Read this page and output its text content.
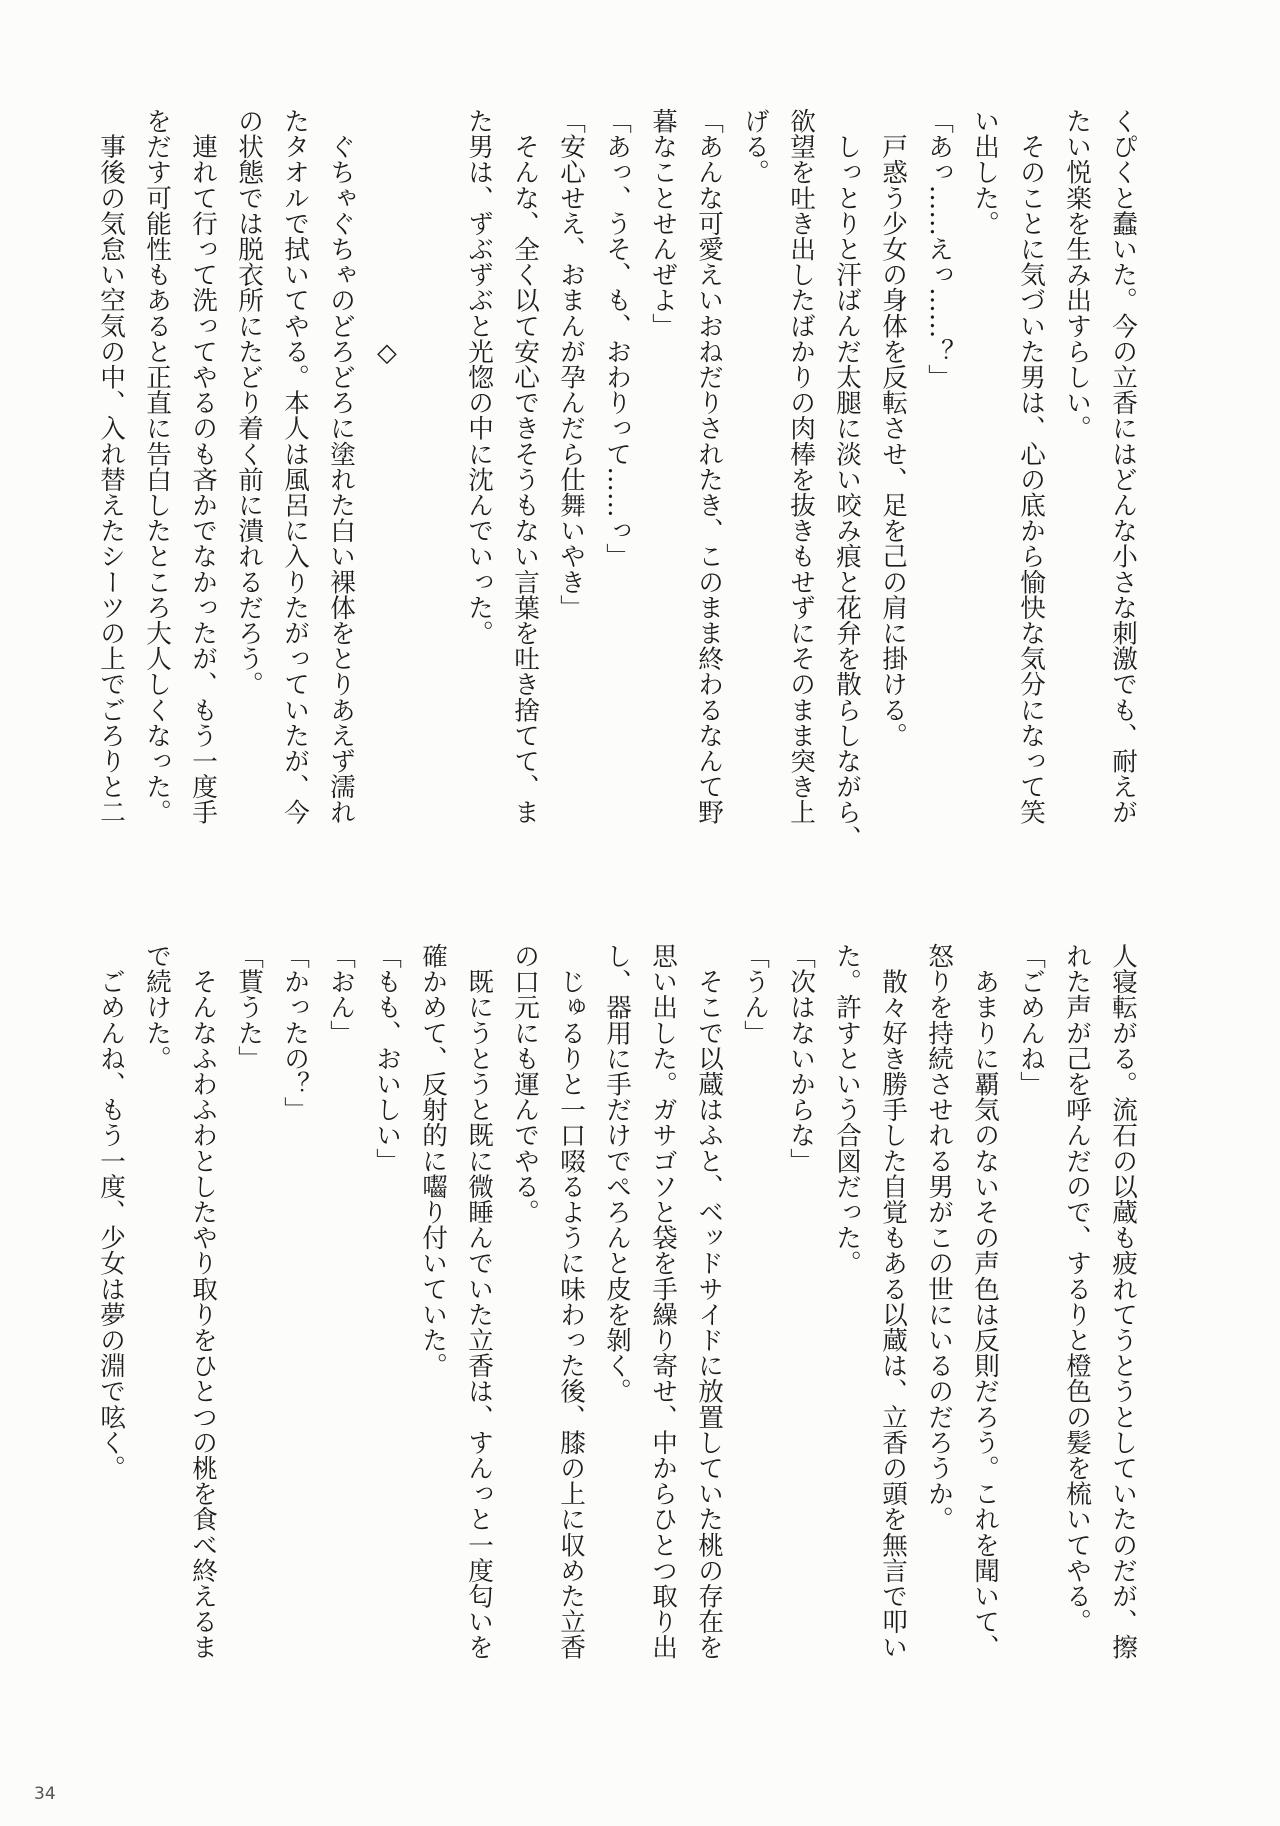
くぴくと蠢いた。今の立香にはどんな小さな刺激でも、耐えが
たい悦楽を生み出すらしい。
　そのことに気づいた男は、心の底から愉快な気分になって笑
い出した。
「あっ……えっ……？」
　戸惑う少女の身体を反転させ、足を己の肩に掛ける。
　しっとりと汗ばんだ太腿に淡い咬み痕と花弁を散らしながら、
欲望を吐き出したばかりの肉棒を抜きもせずにそのまま突き上
げる。
「あんな可愛えいおねだりされたき、このまま終わるなんて野
暮なことせんぜよ」
「あっ、うそ、も、おわりって……っ」
「安心せえ、おまんが孕んだら仕舞いやき」
　そんな、全く以て安心できそうもない言葉を吐き捨てて、ま
た男は、ずぶずぶと光惚の中に沈んでいった。
◇
　ぐちゃぐちゃのどろどろに塗れた白い裸体をとりあえず濡れ
たタオルで拭いてやる。本人は風呂に入りたがっていたが、今
の状態では脱衣所にたどり着く前に潰れるだろう。
　連れて行って洗ってやるのも吝かでなかったが、もう一度手
をだす可能性もあると正直に告白したところ大人しくなった。
　事後の気怠い空気の中、入れ替えたシーツの上でごろりと二
人寝転がる。流石の以蔵も疲れてうとうとしていたのだが、擦
れた声が己を呼んだので、するりと橙色の髪を梳いてやる。
「ごめんね」
　あまりに覇気のないその声色は反則だろう。これを聞いて、
怒りを持続させれる男がこの世にいるのだろうか。
　散々好き勝手した自覚もある以蔵は、立香の頭を無言で叩い
た。許すという合図だった。
「次はないからな」
「うん」
　そこで以蔵はふと、ベッドサイドに放置していた桃の存在を
思い出した。ガサゴソと袋を手繰り寄せ、中からひとつ取り出
し、器用に手だけでぺろんと皮を剝く。
　じゅるりと一口啜るように味わった後、膝の上に収めた立香
の口元にも運んでやる。
　既にうとうと既に微睡んでいた立香は、すんっと一度匂いを
確かめて、反射的に囓り付いていた。
「もも、おいしい」
「おん」
「かったの？」
「貰うた」
　そんなふわふわとしたやり取りをひとつの桃を食べ終えるま
で続けた。
　ごめんね、もう一度、少女は夢の淵で呟く。
34
